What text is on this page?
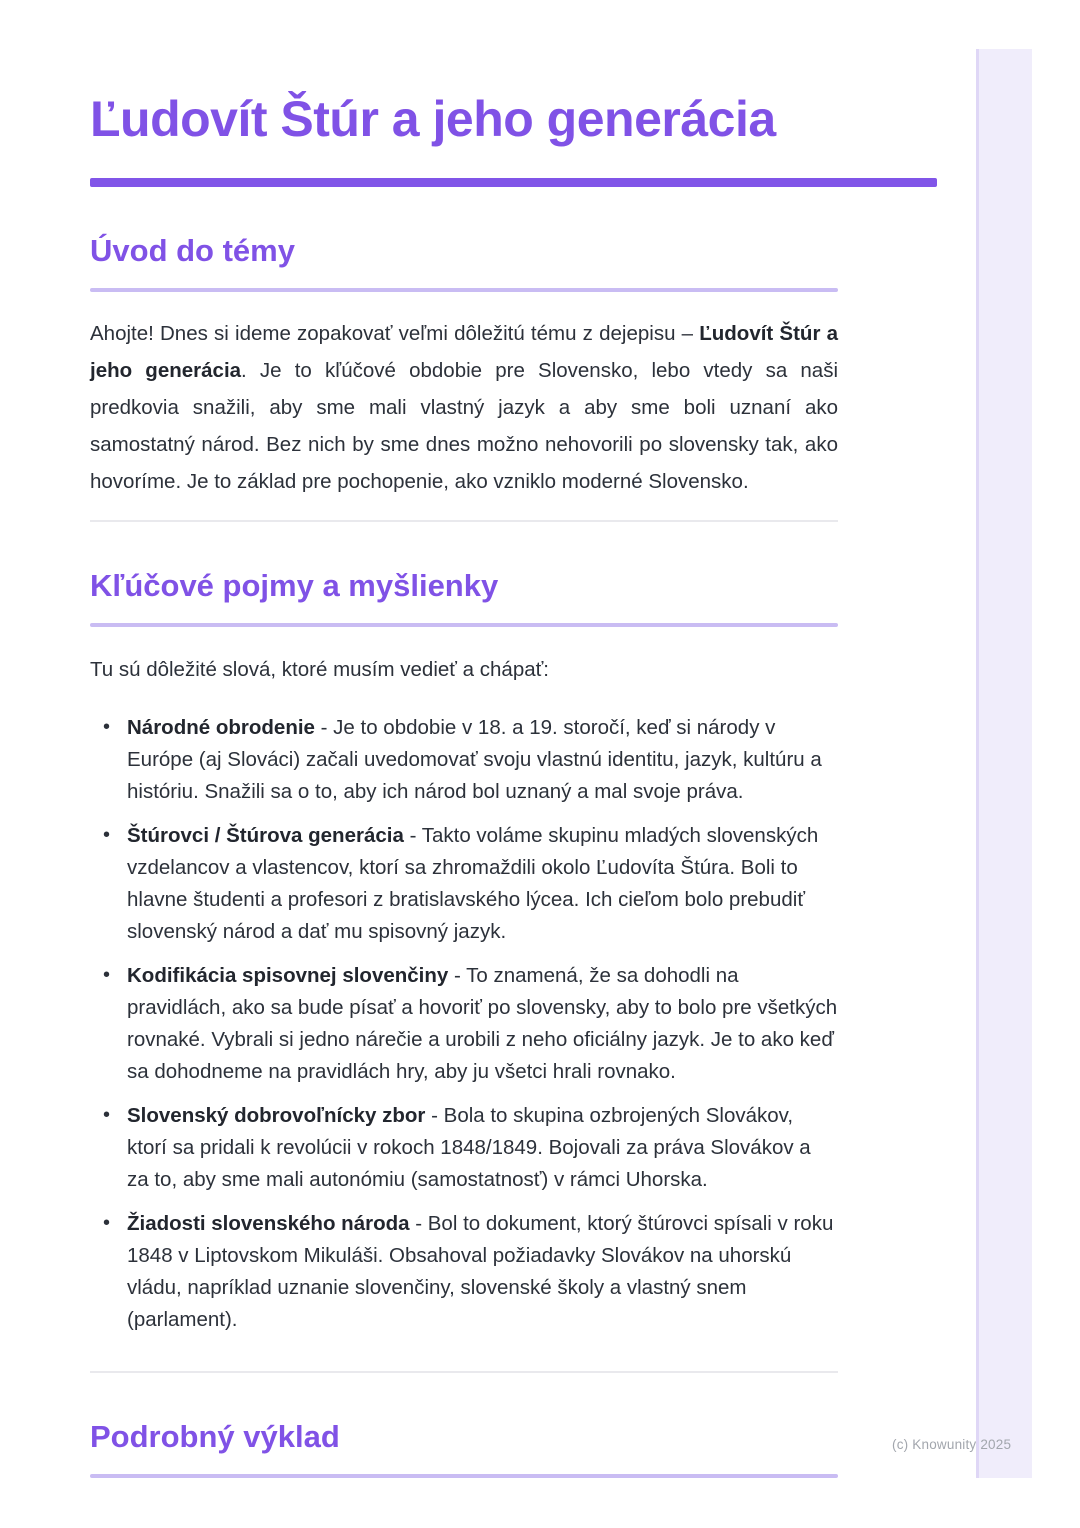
(c) Knowunity 2025
Ľudovít Štúr a jeho generácia
Úvod do témy

Ahojte! Dnes si ideme zopakovať veľmi dôležitú tému z dejepisu – Ľudovít Štúr a jeho generácia. Je to kľúčové obdobie pre Slovensko, lebo vtedy sa naši predkovia snažili, aby sme mali vlastný jazyk a aby sme boli uznaní ako samostatný národ. Bez nich by sme dnes možno nehovorili po slovensky tak, ako hovoríme. Je to základ pre pochopenie, ako vzniklo moderné Slovensko.

Kľúčové pojmy a myšlienky

Tu sú dôležité slová, ktoré musím vedieť a chápať:

• Národné obrodenie - Je to obdobie v 18. a 19. storočí, keď si národy v Európe (aj Slováci) začali uvedomovať svoju vlastnú identitu, jazyk, kultúru a históriu. Snažili sa o to, aby ich národ bol uznaný a mal svoje práva.
• Štúrovci / Štúrova generácia - Takto voláme skupinu mladých slovenských vzdelancov a vlastencov, ktorí sa zhromaždili okolo Ľudovíta Štúra. Boli to hlavne študenti a profesori z bratislavského lýcea. Ich cieľom bolo prebudiť slovenský národ a dať mu spisovný jazyk.
• Kodifikácia spisovnej slovenčiny - To znamená, že sa dohodli na pravidlách, ako sa bude písať a hovoriť po slovensky, aby to bolo pre všetkých rovnaké. Vybrali si jedno nárečie a urobili z neho oficiálny jazyk. Je to ako keď sa dohodneme na pravidlách hry, aby ju všetci hrali rovnako.
• Slovenský dobrovoľnícky zbor - Bola to skupina ozbrojených Slovákov, ktorí sa pridali k revolúcii v rokoch 1848/1849. Bojovali za práva Slovákov a za to, aby sme mali autonómiu (samostatnosť) v rámci Uhorska.
• Žiadosti slovenského národa - Bol to dokument, ktorý štúrovci spísali v roku 1848 v Liptovskom Mikuláši. Obsahoval požiadavky Slovákov na uhorskú vládu, napríklad uznanie slovenčiny, slovenské školy a vlastný snem (parlament).
Podrobný výklad
